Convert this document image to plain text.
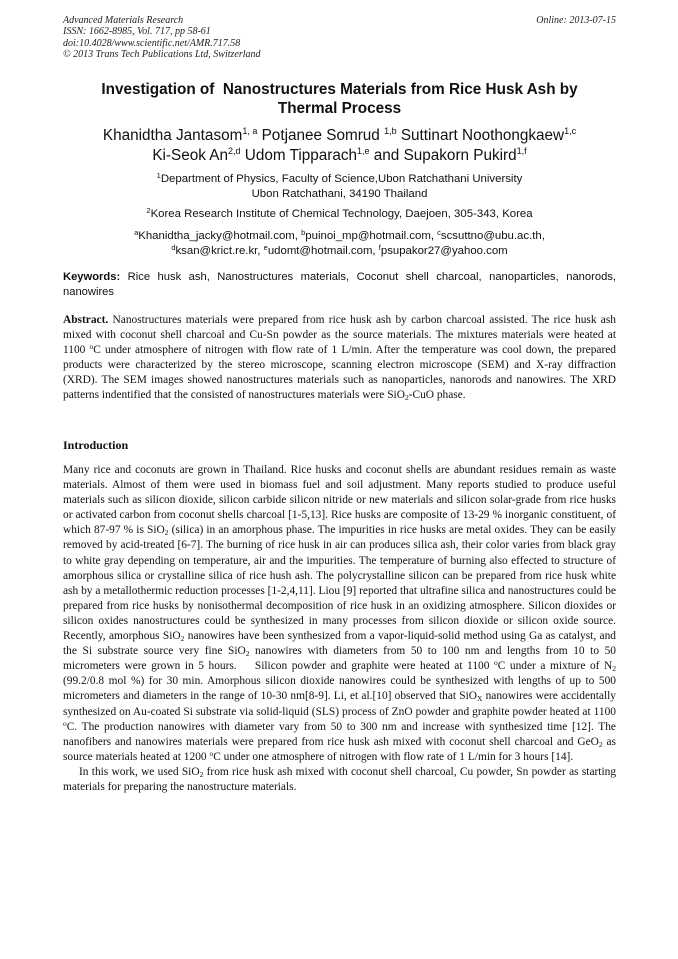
Advanced Materials Research
ISSN: 1662-8985, Vol. 717, pp 58-61
doi:10.4028/www.scientific.net/AMR.717.58
© 2013 Trans Tech Publications Ltd, Switzerland
Online: 2013-07-15
Investigation of  Nanostructures Materials from Rice Husk Ash by
Thermal Process
Khanidtha Jantasom$^{1, a}$ Potjanee Somrud $^{1,b}$ Suttinart Noothongkaew$^{1,c}$
Ki-Seok An$^{2,d}$ Udom Tipparach$^{1,e}$ and Supakorn Pukird$^{1,f}$
$^1$Department of Physics, Faculty of Science,Ubon Ratchathani University
Ubon Ratchathani, 34190 Thailand
$^2$Korea Research Institute of Chemical Technology, Daejoen, 305-343, Korea
$^a$Khanidtha_jacky@hotmail.com, $^b$puinoi_mp@hotmail.com, $^c$scsuttno@ubu.ac.th,
$^d$ksan@krict.re.kr, $^e$udomt@hotmail.com, $^f$psupakor27@yahoo.com
Keywords: Rice husk ash, Nanostructures materials, Coconut shell charcoal, nanoparticles, nanorods, nanowires
Abstract. Nanostructures materials were prepared from rice husk ash by carbon charcoal assisted. The rice husk ash mixed with coconut shell charcoal and Cu-Sn powder as the source materials. The mixtures materials were heated at 1100 $^o$C under atmosphere of nitrogen with flow rate of 1 L/min. After the temperature was cool down, the prepared products were characterized by the stereo microscope, scanning electron microscope (SEM) and X-ray diffraction (XRD). The SEM images showed nanostructures materials such as nanoparticles, nanorods and nanowires. The XRD patterns indentified that the consisted of nanostructures materials were SiO$_2$-CuO phase.
Introduction

Many rice and coconuts are grown in Thailand. Rice husks and coconut shells are abundant residues remain as waste materials. Almost of them were used in biomass fuel and soil adjustment. Many reports studied to produce useful materials such as silicon dioxide, silicon carbide silicon nitride or new materials and silicon solar-grade from rice husks or activated carbon from coconut shells charcoal [1-5,13]. Rice husks are composite of 13-29 % inorganic constituent, of which 87-97 % is SiO$_2$ (silica) in an amorphous phase. The impurities in rice husks are metal oxides. They can be easily removed by acid-treated [6-7]. The burning of rice husk in air can produces silica ash, their color varies from black gray to white gray depending on temperature, air and the impurities. The temperature of burning also effected to structure of amorphous silica or crystalline silica of rice hush ash. The polycrystalline silicon can be prepared from rice husk white ash by a metallothermic reduction processes [1-2,4,11]. Liou [9] reported that ultrafine silica and nanostructures could be prepared from rice husks by nonisothermal decomposition of rice husk in an oxidizing atmosphere. Silicon dioxides or silicon oxides nanostructures could be synthesized in many processes from silicon dioxide or silicon oxide source. Recently, amorphous SiO$_2$ nanowires have been synthesized from a vapor-liquid-solid method using Ga as catalyst, and the Si substrate source very fine SiO$_2$ nanowires with diameters from 50 to 100 nm and lengths from 10 to 50 micrometers were grown in 5 hours.    Silicon powder and graphite were heated at 1100 $^o$C under a mixture of $N_2$ (99.2/0.8 mol %) for 30 min. Amorphous silicon dioxide nanowires could be synthesized with lengths of up to 500 micrometers and diameters in the range of 10-30 nm[8-9]. Li, et al.[10] observed that SiO$_X$ nanowires were accidentally synthesized on Au-coated Si substrate via solid-liquid (SLS) process of ZnO powder and graphite powder heated at 1100 $^o$C. The production nanowires with diameter vary from 50 to 300 nm and increase with synthesized time [12]. The nanofibers and nanowires materials were prepared from rice husk ash mixed with coconut shell charcoal and GeO$_2$ as source materials heated at 1200 $^o$C under one atmosphere of nitrogen with flow rate of 1 L/min for 3 hours [14].

In this work, we used SiO$_2$ from rice husk ash mixed with coconut shell charcoal, Cu powder, Sn powder as starting materials for preparing the nanostructure materials.
